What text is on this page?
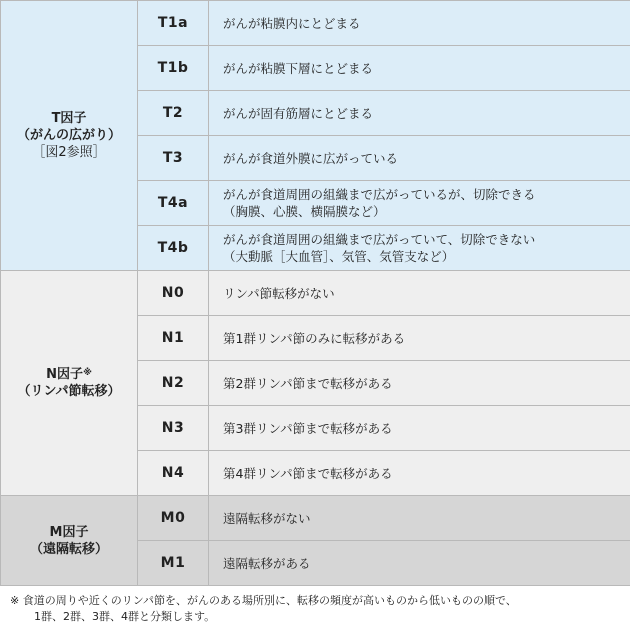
T因子
（がんの広がり）
［図2参照］	T1a	がんが粘膜内にとどまる

	T1b	がんが粘膜下層にとどまる

	T2	がんが固有筋層にとどまる

	T3	がんが食道外膜に広がっている

	T4a	がんが食道周囲の組織まで広がっているが、切除できる
（胸膜、心膜、横隔膜など）

	T4b	がんが食道周囲の組織まで広がっていて、切除できない
（大動脈［大血管］、気管、気管支など）

N因子※
（リンパ節転移）	N0	リンパ節転移がない

	N1	第1群リンパ節のみに転移がある

	N2	第2群リンパ節まで転移がある

	N3	第3群リンパ節まで転移がある

	N4	第4群リンパ節まで転移がある

M因子
（遠隔転移）	M0	遠隔転移がない

	M1	遠隔転移がある
※ 食道の周りや近くのリンパ節を、がんのある場所別に、転移の頻度が高いものから低いものの順で、
1群、2群、3群、4群と分類します。
